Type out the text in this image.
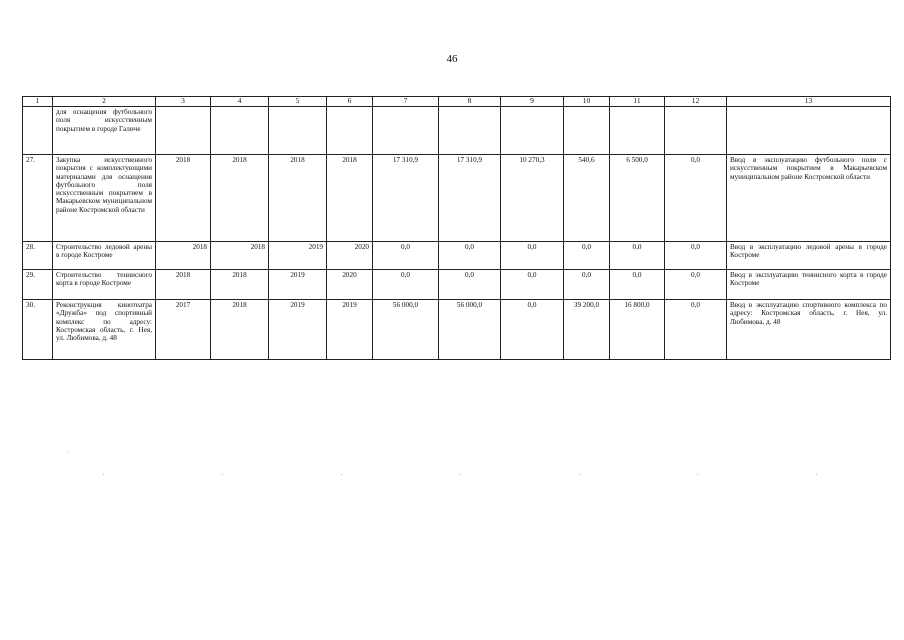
46
1	2	3	4	5	6	7	8	9	10	11	12	13
	для оснащения футбольного поля искусственным покрытием в городе Галиче											
27.	Закупка искусственного покрытия с комплектующими материалами для оснащения футбольного поля искусственным покрытием в Макарьевском муниципальном районе Костромской области	2018	2018	2018	2018	17 310,9	17 310,9	10 270,3	540,6	6 500,0	0,0	Ввод в эксплуатацию футбольного поля с искусственным покрытием в Макарьевском муниципальном районе Костромской области
28.	Строительство ледовой арены в городе Костроме	2018	2018	2019	2020	0,0	0,0	0,0	0,0	0,0	0,0	Ввод в эксплуатацию ледовой арены в городе Костроме
29.	Строительство теннисного корта в городе Костроме	2018	2018	2019	2020	0,0	0,0	0,0	0,0	0,0	0,0	Ввод в эксплуатацию теннисного корта в городе Костроме
30.	Реконструкция кинотеатра «Дружба» под спортивный комплекс по адресу: Костромская область, г. Нея, ул. Любимова, д. 48	2017	2018	2019	2019	56 000,0	56 000,0	0,0	39 200,0	16 800,0	0,0	Ввод в эксплуатацию спортивного комплекса по адресу: Костромская область, г. Нея, ул. Любимова, д. 48
